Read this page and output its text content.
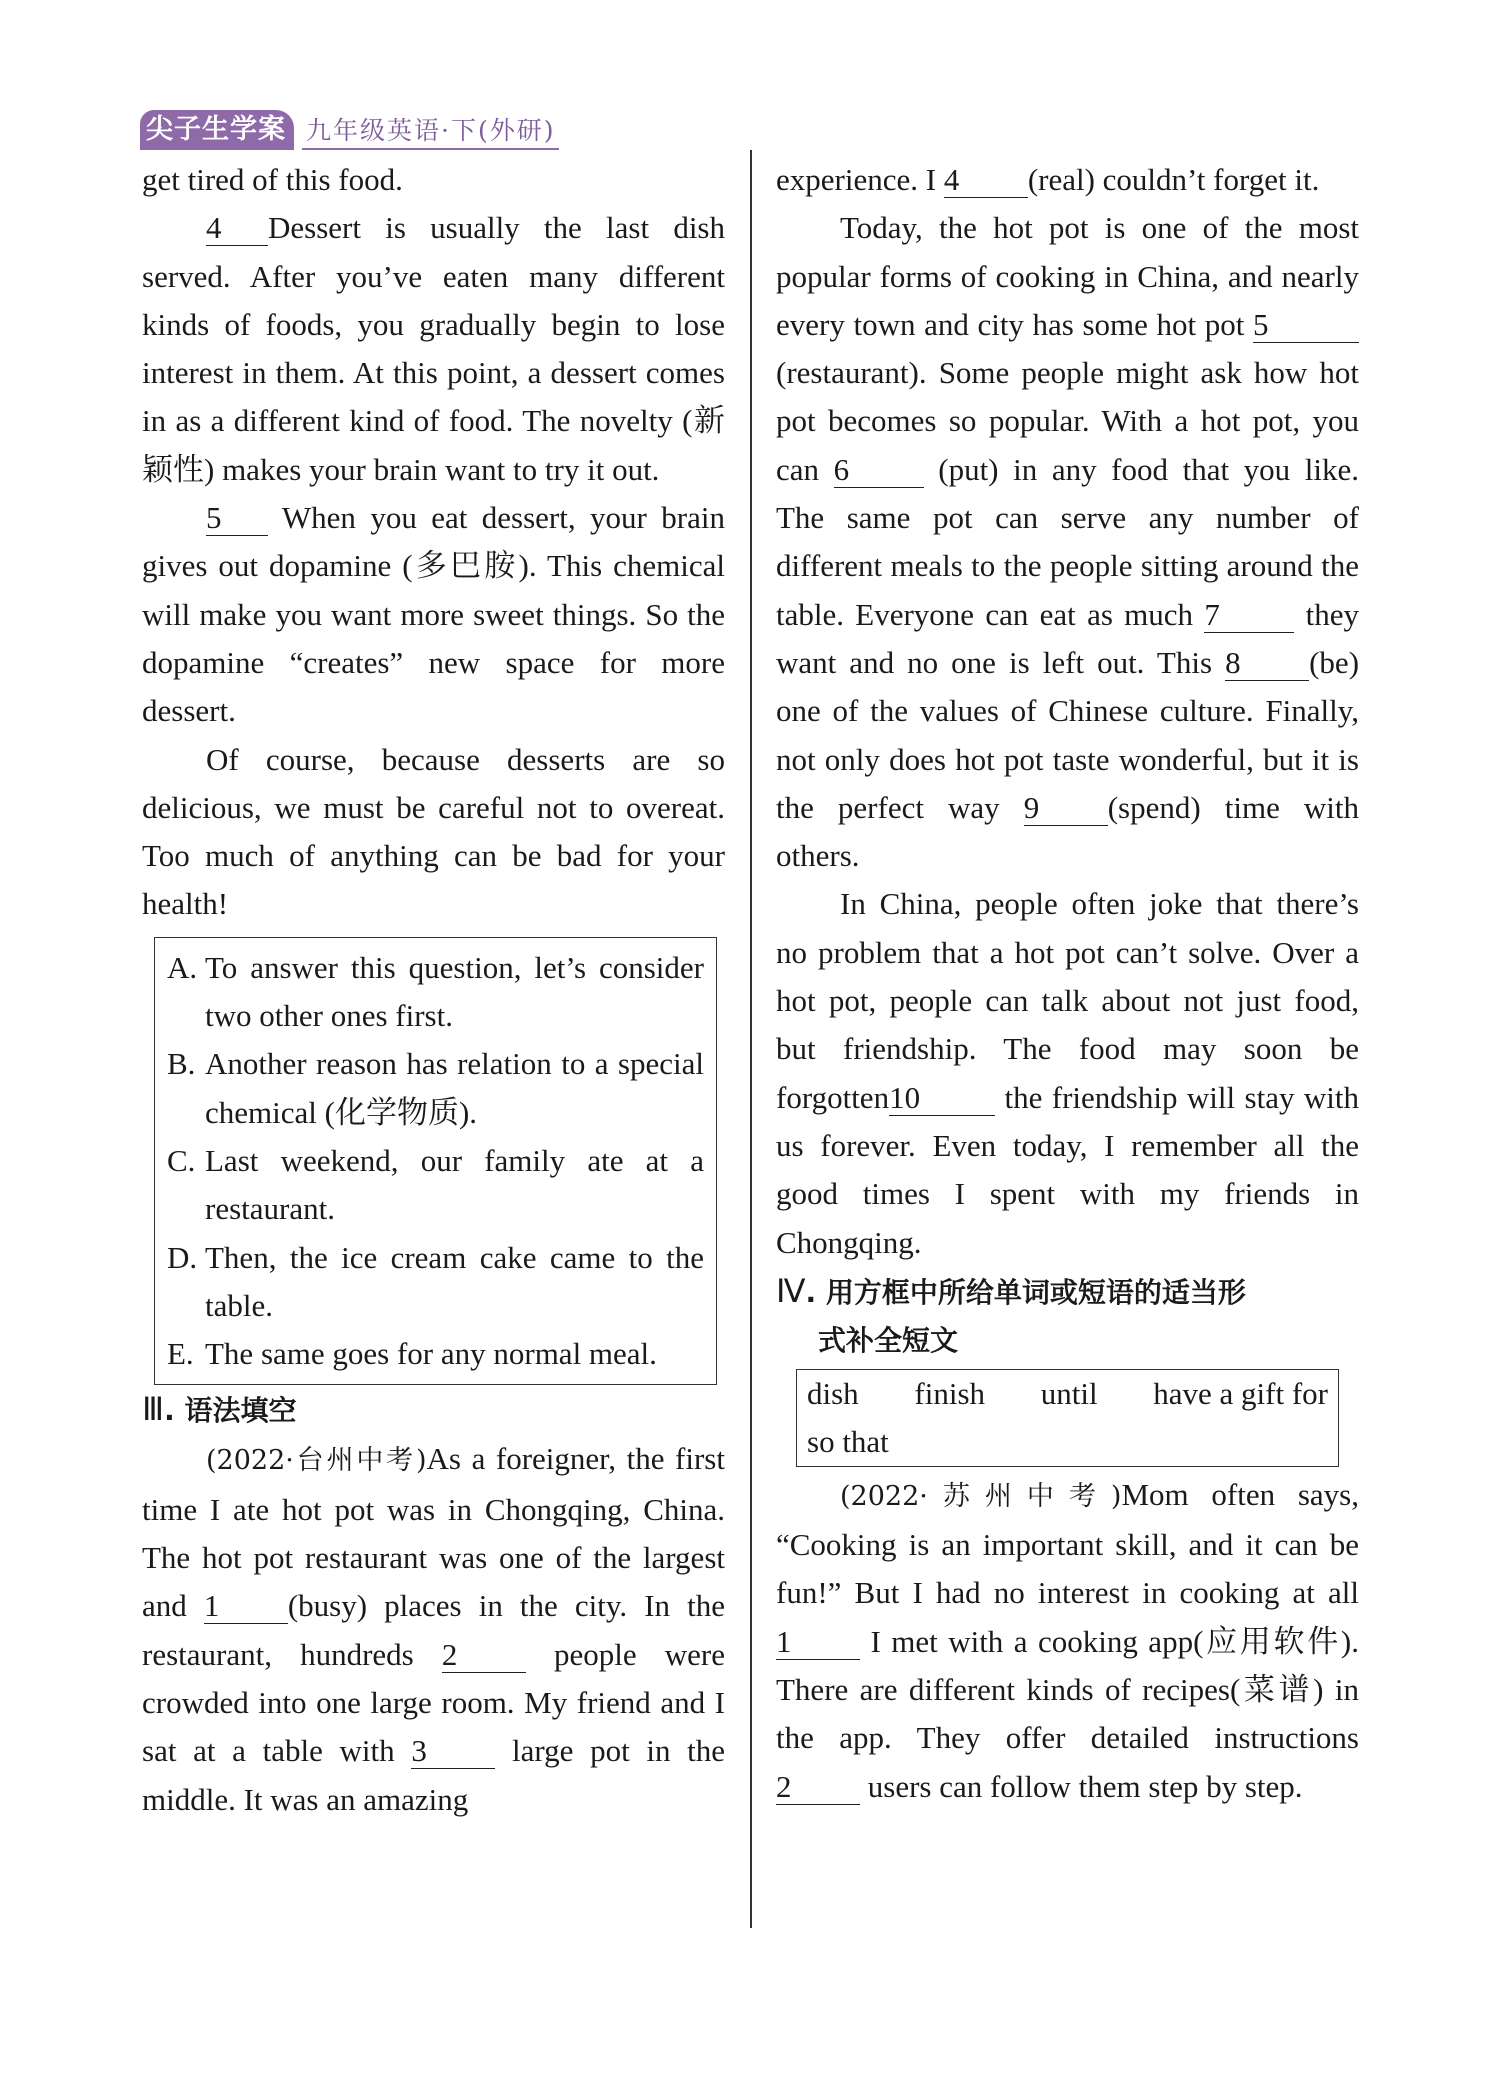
尖子生学案 九年级英语·下(外研)

get tired of this food.

4 Dessert is usually the last dish served. After you’ve eaten many different kinds of foods, you gradually begin to lose interest in them. At this point, a dessert comes in as a different kind of food. The novelty (新颖性) makes your brain want to try it out.

5 When you eat dessert, your brain gives out dopamine (多巴胺). This chemical will make you want more sweet things. So the dopamine “creates” new space for more dessert.

Of course, because desserts are so delicious, we must be careful not to overeat. Too much of anything can be bad for your health!

A. To answer this question, let’s consider two other ones first.
B. Another reason has relation to a special chemical (化学物质).
C. Last weekend, our family ate at a restaurant.
D. Then, the ice cream cake came to the table.
E. The same goes for any normal meal.
Ⅲ. 语法填空

(2022·台州中考)As a foreigner, the first time I ate hot pot was in Chongqing, China. The hot pot restaurant was one of the largest and 1 (busy) places in the city. In the restaurant, hundreds 2	people were crowded into one large room. My friend and I sat at a table with 3	large pot in the middle. It was an amazing

experience. I 4 (real) couldn’t forget it.

Today, the hot pot is one of the most popular forms of cooking in China, and nearly every town and city has some hot pot 5 (restaurant). Some people might ask how hot pot becomes so popular. With a hot pot, you can 6	(put) in any food that you like. The same pot can serve any number of different meals to the people sitting around the table. Everyone can eat as much 7	they want and no one is left out. This 8 (be) one of the values of Chinese culture. Finally, not only does hot pot taste wonderful, but it is the perfect way 9 (spend) time with others.

In China, people often joke that there’s no problem that a hot pot can’t solve. Over a hot pot, people can talk about not just food, but friendship. The food may soon be forgotten10	the friendship will stay with us forever. Even today, I remember all the good times I spent with my friends in Chongqing.

Ⅳ. 用方框中所给单词或短语的适当形
式补全短文
dish finish until have a gift for
so that

(2022·苏州中考)Mom often says, “Cooking is an important skill, and it can be fun!” But I had no interest in cooking at all 1	I met with a cooking app(应用软件). There are different kinds of recipes(菜谱) in the app. They offer detailed instructions 2 users can follow them step by step.
